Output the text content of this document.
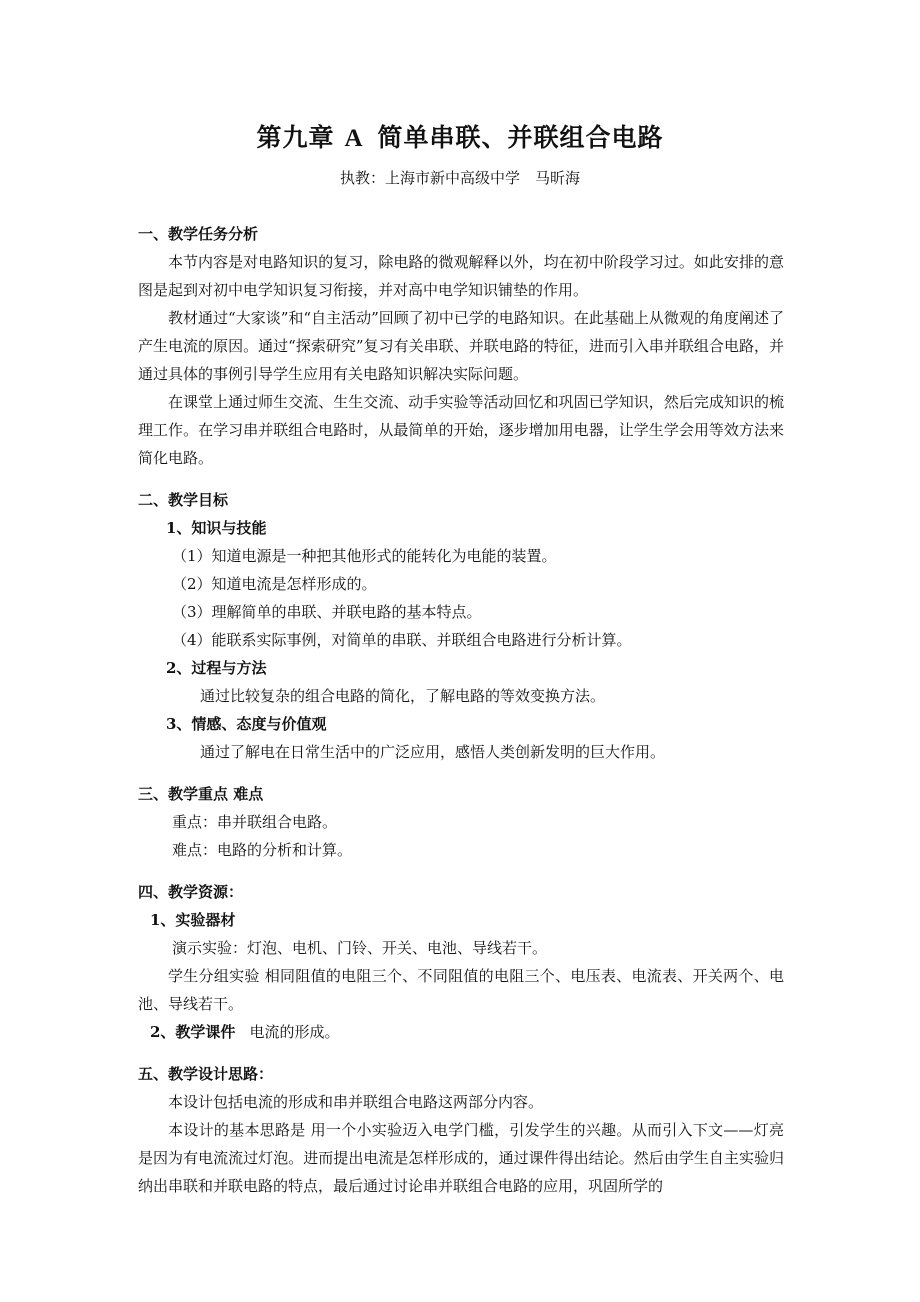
第九章 A 简单串联、并联组合电路
执教：上海市新中高级中学　马昕海
一、教学任务分析
本节内容是对电路知识的复习，除电路的微观解释以外，均在初中阶段学习过。如此安排的意图是起到对初中电学知识复习衔接，并对高中电学知识铺垫的作用。
教材通过“大家谈”和“自主活动”回顾了初中已学的电路知识。在此基础上从微观的角度阐述了产生电流的原因。通过“探索研究”复习有关串联、并联电路的特征，进而引入串并联组合电路，并通过具体的事例引导学生应用有关电路知识解决实际问题。
在课堂上通过师生交流、生生交流、动手实验等活动回忆和巩固已学知识，然后完成知识的梳理工作。在学习串并联组合电路时，从最简单的开始，逐步增加用电器，让学生学会用等效方法来简化电路。
二、教学目标
1、知识与技能
（1）知道电源是一种把其他形式的能转化为电能的装置。
（2）知道电流是怎样形成的。
（3）理解简单的串联、并联电路的基本特点。
（4）能联系实际事例，对简单的串联、并联组合电路进行分析计算。
2、过程与方法
通过比较复杂的组合电路的简化，了解电路的等效变换方法。
3、情感、态度与价值观
通过了解电在日常生活中的广泛应用，感悟人类创新发明的巨大作用。
三、教学重点 难点
重点：串并联组合电路。
难点：电路的分析和计算。
四、教学资源：
1、实验器材
演示实验：灯泡、电机、门铃、开关、电池、导线若干。
学生分组实验 相同阻值的电阻三个、不同阻值的电阻三个、电压表、电流表、开关两个、电池、导线若干。
2、教学课件 电流的形成。
五、教学设计思路：
本设计包括电流的形成和串并联组合电路这两部分内容。
本设计的基本思路是 用一个小实验迈入电学门槛，引发学生的兴趣。从而引入下文——灯亮是因为有电流流过灯泡。进而提出电流是怎样形成的，通过课件得出结论。然后由学生自主实验归纳出串联和并联电路的特点，最后通过讨论串并联组合电路的应用，巩固所学的
